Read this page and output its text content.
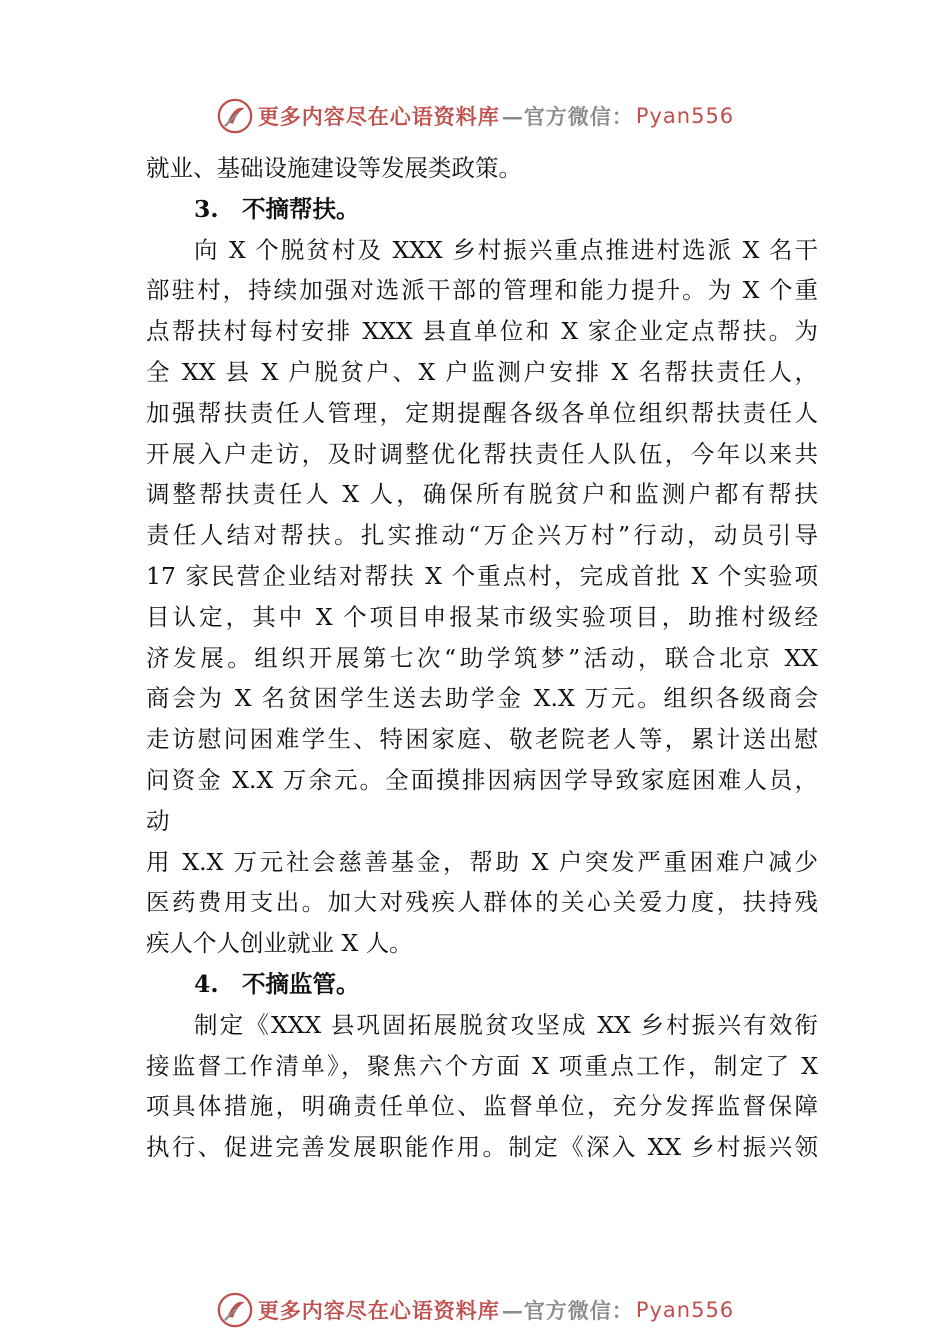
更多内容尽在心语资料库 —官方微信： Pyan556
就业、基础设施建设等发展类政策。
3.　不摘帮扶。
向 X 个脱贫村及 XXX 乡村振兴重点推进村选派 X 名干
部驻村，持续加强对选派干部的管理和能力提升。为 X 个重
点帮扶村每村安排 XXX 县直单位和 X 家企业定点帮扶。为
全 XX 县 X 户脱贫户、X 户监测户安排 X 名帮扶责任人，
加强帮扶责任人管理，定期提醒各级各单位组织帮扶责任人
开展入户走访，及时调整优化帮扶责任人队伍，今年以来共
调整帮扶责任人 X 人，确保所有脱贫户和监测户都有帮扶
责任人结对帮扶。扎实推动“万企兴万村”行动，动员引导
17 家民营企业结对帮扶 X 个重点村，完成首批 X 个实验项
目认定，其中 X 个项目申报某市级实验项目，助推村级经
济发展。组织开展第七次“助学筑梦”活动，联合北京 XX
商会为 X 名贫困学生送去助学金 X.X 万元。组织各级商会
走访慰问困难学生、特困家庭、敬老院老人等，累计送出慰
问资金 X.X 万余元。全面摸排因病因学导致家庭困难人员，
动
用 X.X 万元社会慈善基金，帮助 X 户突发严重困难户减少
医药费用支出。加大对残疾人群体的关心关爱力度，扶持残
疾人个人创业就业 X 人。
4.　不摘监管。
制定《XXX 县巩固拓展脱贫攻坚成 XX 乡村振兴有效衔
接监督工作清单》，聚焦六个方面 X 项重点工作，制定了 X
项具体措施，明确责任单位、监督单位，充分发挥监督保障
执行、促进完善发展职能作用。制定《深入 XX 乡村振兴领
更多内容尽在心语资料库 —官方微信： Pyan556
